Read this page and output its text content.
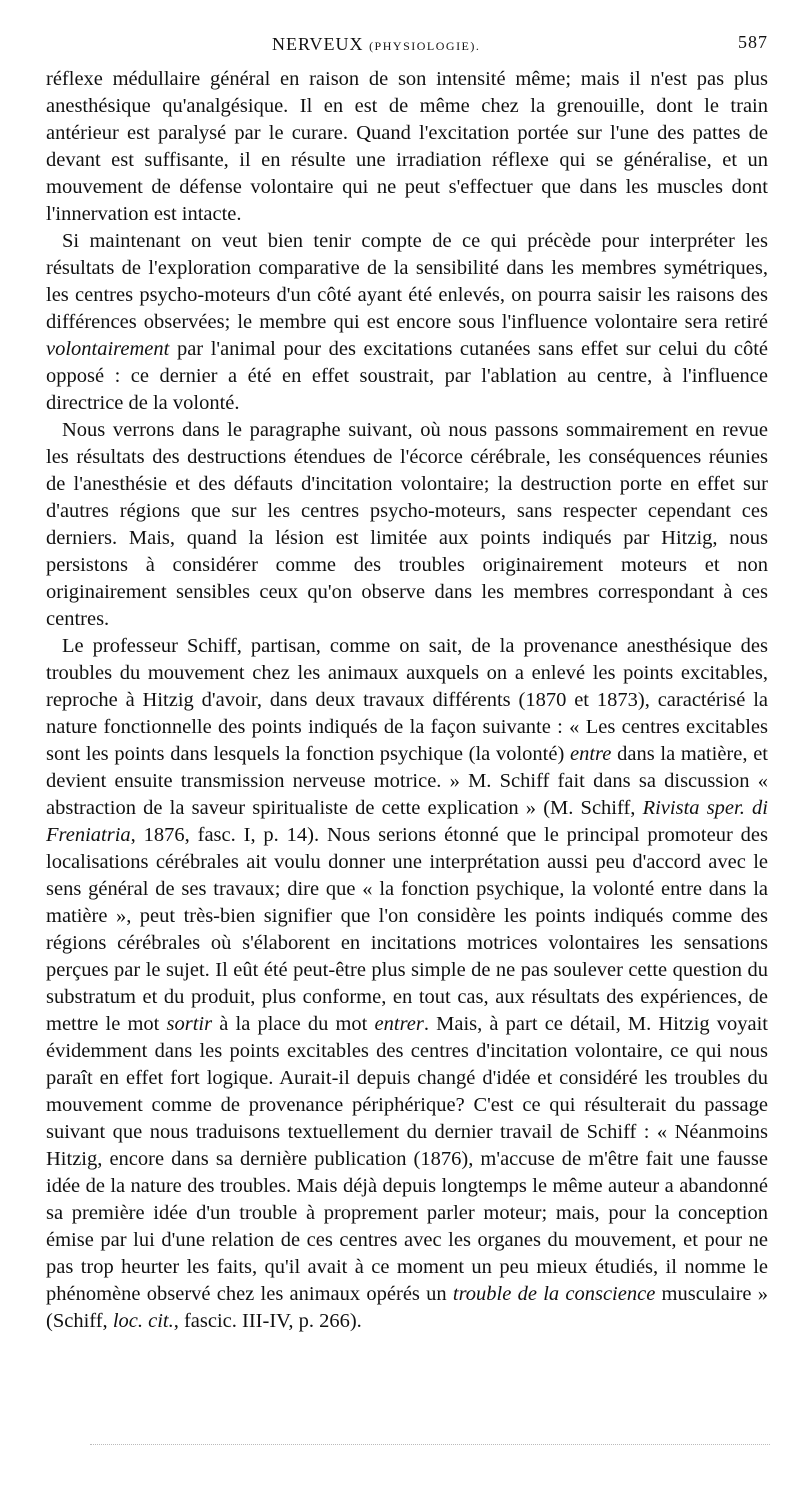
NERVEUX (PHYSIOLOGIE).	587

réflexe médullaire général en raison de son intensité même; mais il n'est pas plus anesthésique qu'analgésique. Il en est de même chez la grenouille, dont le train antérieur est paralysé par le curare. Quand l'excitation portée sur l'une des pattes de devant est suffisante, il en résulte une irradiation réflexe qui se généralise, et un mouvement de défense volontaire qui ne peut s'effectuer que dans les muscles dont l'innervation est intacte.

Si maintenant on veut bien tenir compte de ce qui précède pour interpréter les résultats de l'exploration comparative de la sensibilité dans les membres symétriques, les centres psycho-moteurs d'un côté ayant été enlevés, on pourra saisir les raisons des différences observées; le membre qui est encore sous l'influence volontaire sera retiré volontairement par l'animal pour des excitations cutanées sans effet sur celui du côté opposé : ce dernier a été en effet soustrait, par l'ablation au centre, à l'influence directrice de la volonté.

Nous verrons dans le paragraphe suivant, où nous passons sommairement en revue les résultats des destructions étendues de l'écorce cérébrale, les conséquences réunies de l'anesthésie et des défauts d'incitation volontaire; la destruction porte en effet sur d'autres régions que sur les centres psycho-moteurs, sans respecter cependant ces derniers. Mais, quand la lésion est limitée aux points indiqués par Hitzig, nous persistons à considérer comme des troubles originairement moteurs et non originairement sensibles ceux qu'on observe dans les membres correspondant à ces centres.

Le professeur Schiff, partisan, comme on sait, de la provenance anesthésique des troubles du mouvement chez les animaux auxquels on a enlevé les points excitables, reproche à Hitzig d'avoir, dans deux travaux différents (1870 et 1873), caractérisé la nature fonctionnelle des points indiqués de la façon suivante : « Les centres excitables sont les points dans lesquels la fonction psychique (la volonté) entre dans la matière, et devient ensuite transmission nerveuse motrice. » M. Schiff fait dans sa discussion « abstraction de la saveur spiritualiste de cette explication » (M. Schiff, Rivista sper. di Freniatria, 1876, fasc. I, p. 14). Nous serions étonné que le principal promoteur des localisations cérébrales ait voulu donner une interprétation aussi peu d'accord avec le sens général de ses travaux; dire que « la fonction psychique, la volonté entre dans la matière », peut très-bien signifier que l'on considère les points indiqués comme des régions cérébrales où s'élaborent en incitations motrices volontaires les sensations perçues par le sujet. Il eût été peut-être plus simple de ne pas soulever cette question du substratum et du produit, plus conforme, en tout cas, aux résultats des expériences, de mettre le mot sortir à la place du mot entrer. Mais, à part ce détail, M. Hitzig voyait évidemment dans les points excitables des centres d'incitation volontaire, ce qui nous paraît en effet fort logique. Aurait-il depuis changé d'idée et considéré les troubles du mouvement comme de provenance périphérique? C'est ce qui résulterait du passage suivant que nous traduisons textuellement du dernier travail de Schiff : « Néanmoins Hitzig, encore dans sa dernière publication (1876), m'accuse de m'être fait une fausse idée de la nature des troubles. Mais déjà depuis longtemps le même auteur a abandonné sa première idée d'un trouble à proprement parler moteur; mais, pour la conception émise par lui d'une relation de ces centres avec les organes du mouvement, et pour ne pas trop heurter les faits, qu'il avait à ce moment un peu mieux étudiés, il nomme le phénomène observé chez les animaux opérés un trouble de la conscience musculaire » (Schiff, loc. cit., fascic. III-IV, p. 266).
